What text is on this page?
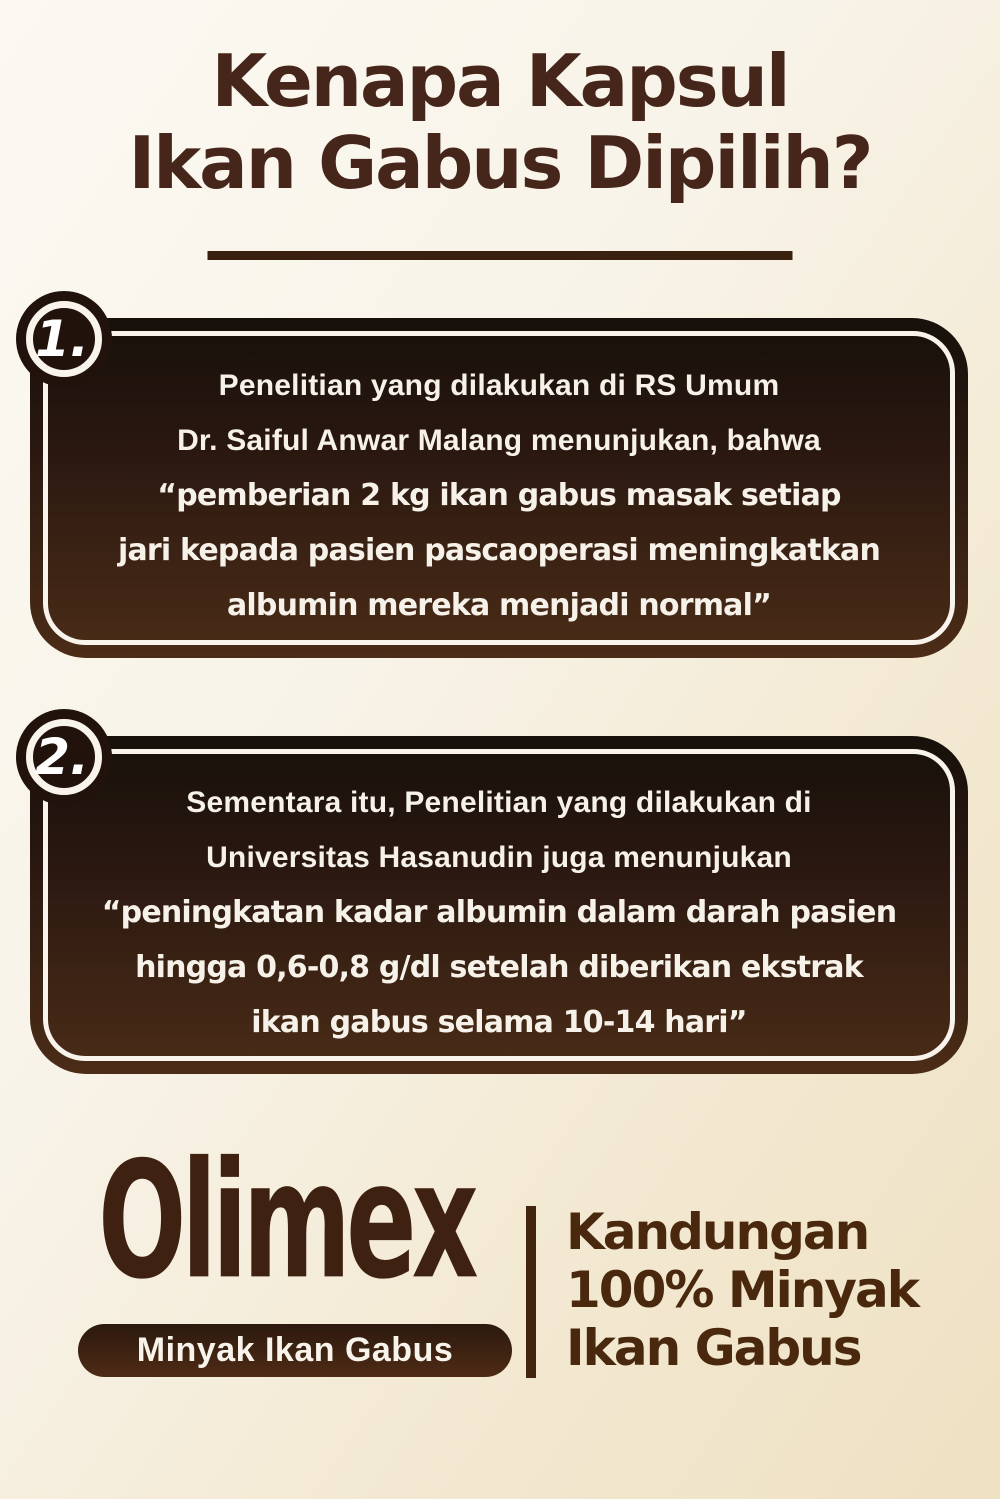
Kenapa Kapsul
Ikan Gabus Dipilih?
1.
Penelitian yang dilakukan di RS Umum
Dr. Saiful Anwar Malang menunjukan, bahwa
“pemberian 2 kg ikan gabus masak setiap
jari kepada pasien pascaoperasi meningkatkan
albumin mereka menjadi normal”
2.
Sementara itu, Penelitian yang dilakukan di
Universitas Hasanudin juga menunjukan
“peningkatan kadar albumin dalam darah pasien
hingga 0,6-0,8 g/dl setelah diberikan ekstrak
ikan gabus selama 10-14 hari”
Olimex
Minyak Ikan Gabus
Kandungan
100% Minyak
Ikan Gabus
